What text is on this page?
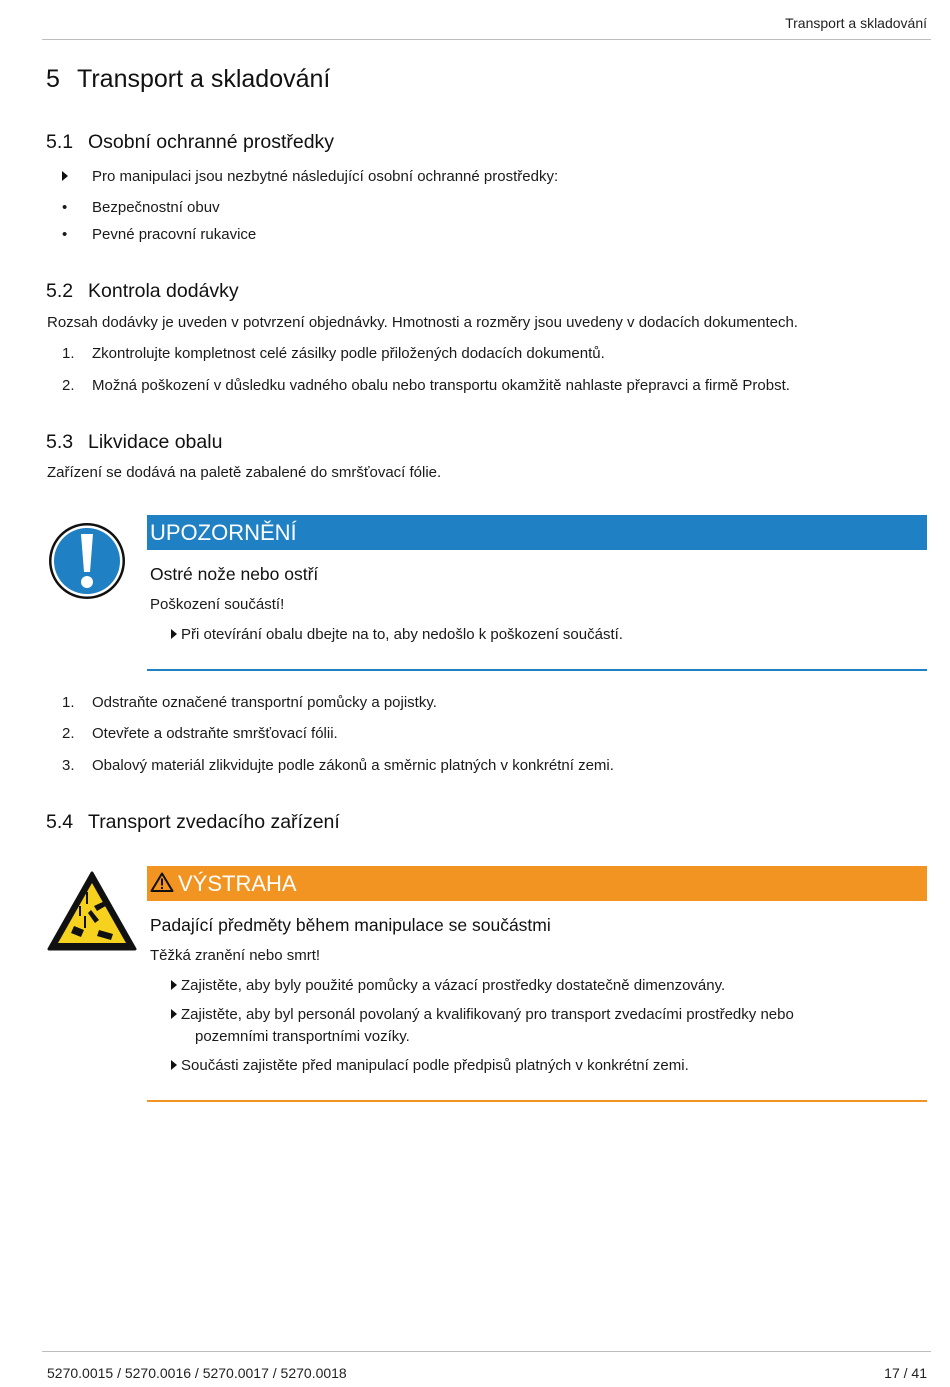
Transport a skladování
5 Transport a skladování
5.1 Osobní ochranné prostředky
Pro manipulaci jsou nezbytné následující osobní ochranné prostředky:
• Bezpečnostní obuv
• Pevné pracovní rukavice
5.2 Kontrola dodávky
Rozsah dodávky je uveden v potvrzení objednávky. Hmotnosti a rozměry jsou uvedeny v dodacích dokumentech.
1. Zkontrolujte kompletnost celé zásilky podle přiložených dodacích dokumentů.
2. Možná poškození v důsledku vadného obalu nebo transportu okamžitě nahlaste přepravci a firmě Probst.
5.3 Likvidace obalu
Zařízení se dodává na paletě zabalené do smršťovací fólie.
UPOZORNĚNÍ
Ostré nože nebo ostří
Poškození součástí!
Při otevírání obalu dbejte na to, aby nedošlo k poškození součástí.
1. Odstraňte označené transportní pomůcky a pojistky.
2. Otevřete a odstraňte smršťovací fólii.
3. Obalový materiál zlikvidujte podle zákonů a směrnic platných v konkrétní zemi.
5.4 Transport zvedacího zařízení
VÝSTRAHA
Padající předměty během manipulace se součástmi
Těžká zranění nebo smrt!
Zajistěte, aby byly použité pomůcky a vázací prostředky dostatečně dimenzovány.
Zajistěte, aby byl personál povolaný a kvalifikovaný pro transport zvedacími prostředky nebo
pozemními transportními vozíky.
Součásti zajistěte před manipulací podle předpisů platných v konkrétní zemi.
5270.0015 / 5270.0016 / 5270.0017 / 5270.0018	17 / 41
